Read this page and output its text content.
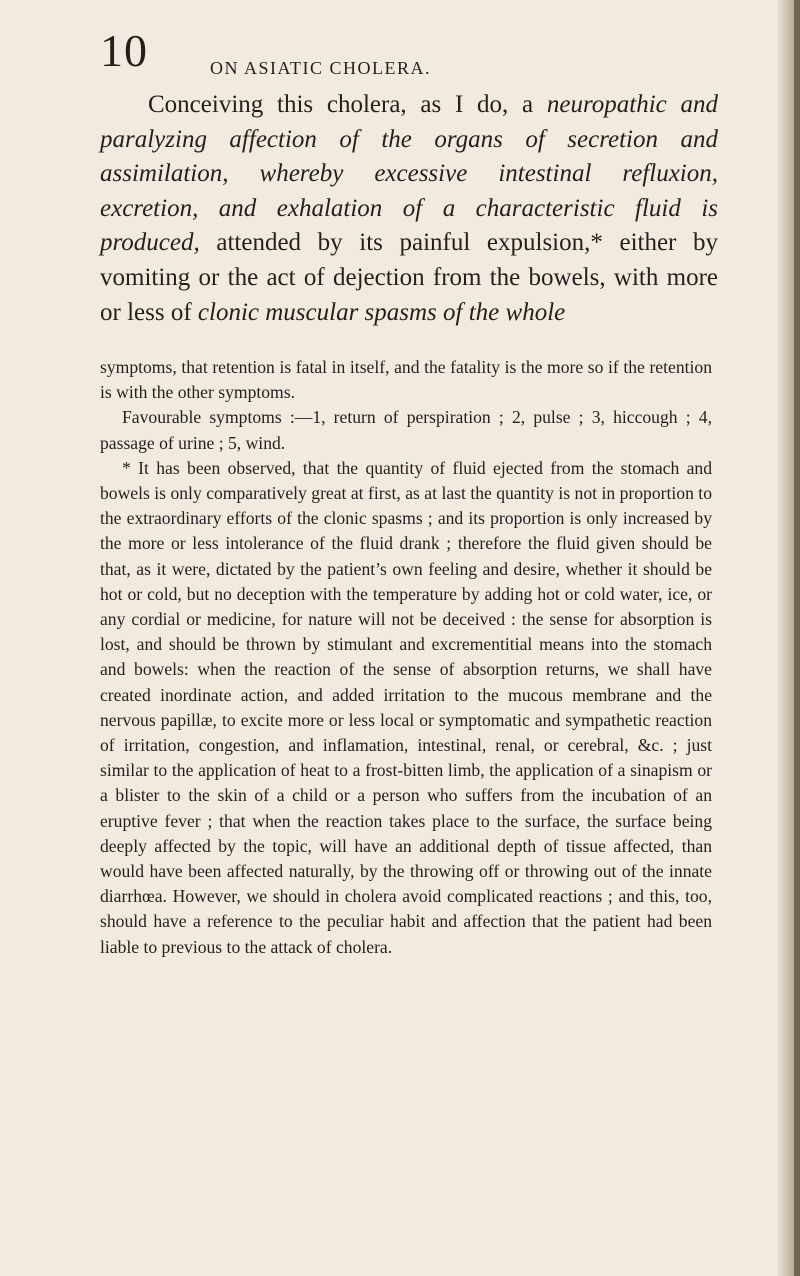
10	ON ASIATIC CHOLERA.

Conceiving this cholera, as I do, a neuropathic and paralyzing affection of the organs of secretion and assimilation, whereby excessive intestinal refluxion, excretion, and exhalation of a characteristic fluid is produced, attended by its painful expulsion,* either by vomiting or the act of dejection from the bowels, with more or less of clonic muscular spasms of the whole

symptoms, that retention is fatal in itself, and the fatality is the more so if the retention is with the other symptoms.

Favourable symptoms :—1, return of perspiration ; 2, pulse ; 3, hiccough ; 4, passage of urine ; 5, wind.

* It has been observed, that the quantity of fluid ejected from the stomach and bowels is only comparatively great at first, as at last the quantity is not in proportion to the extraordinary efforts of the clonic spasms ; and its proportion is only increased by the more or less intolerance of the fluid drank ; therefore the fluid given should be that, as it were, dictated by the patient’s own feeling and desire, whether it should be hot or cold, but no deception with the temperature by adding hot or cold water, ice, or any cordial or medicine, for nature will not be deceived : the sense for absorption is lost, and should be thrown by stimulant and excrementitial means into the stomach and bowels: when the reaction of the sense of absorption returns, we shall have created inordinate action, and added irritation to the mucous membrane and the nervous papillæ, to excite more or less local or symptomatic and sympathetic reaction of irritation, congestion, and inflamation, intestinal, renal, or cerebral, &c. ; just similar to the application of heat to a frost-bitten limb, the application of a sinapism or a blister to the skin of a child or a person who suffers from the incubation of an eruptive fever ; that when the reaction takes place to the surface, the surface being deeply affected by the topic, will have an additional depth of tissue affected, than would have been affected naturally, by the throwing off or throwing out of the innate diarrhœa. However, we should in cholera avoid complicated reactions ; and this, too, should have a reference to the peculiar habit and affection that the patient had been liable to previous to the attack of cholera.
